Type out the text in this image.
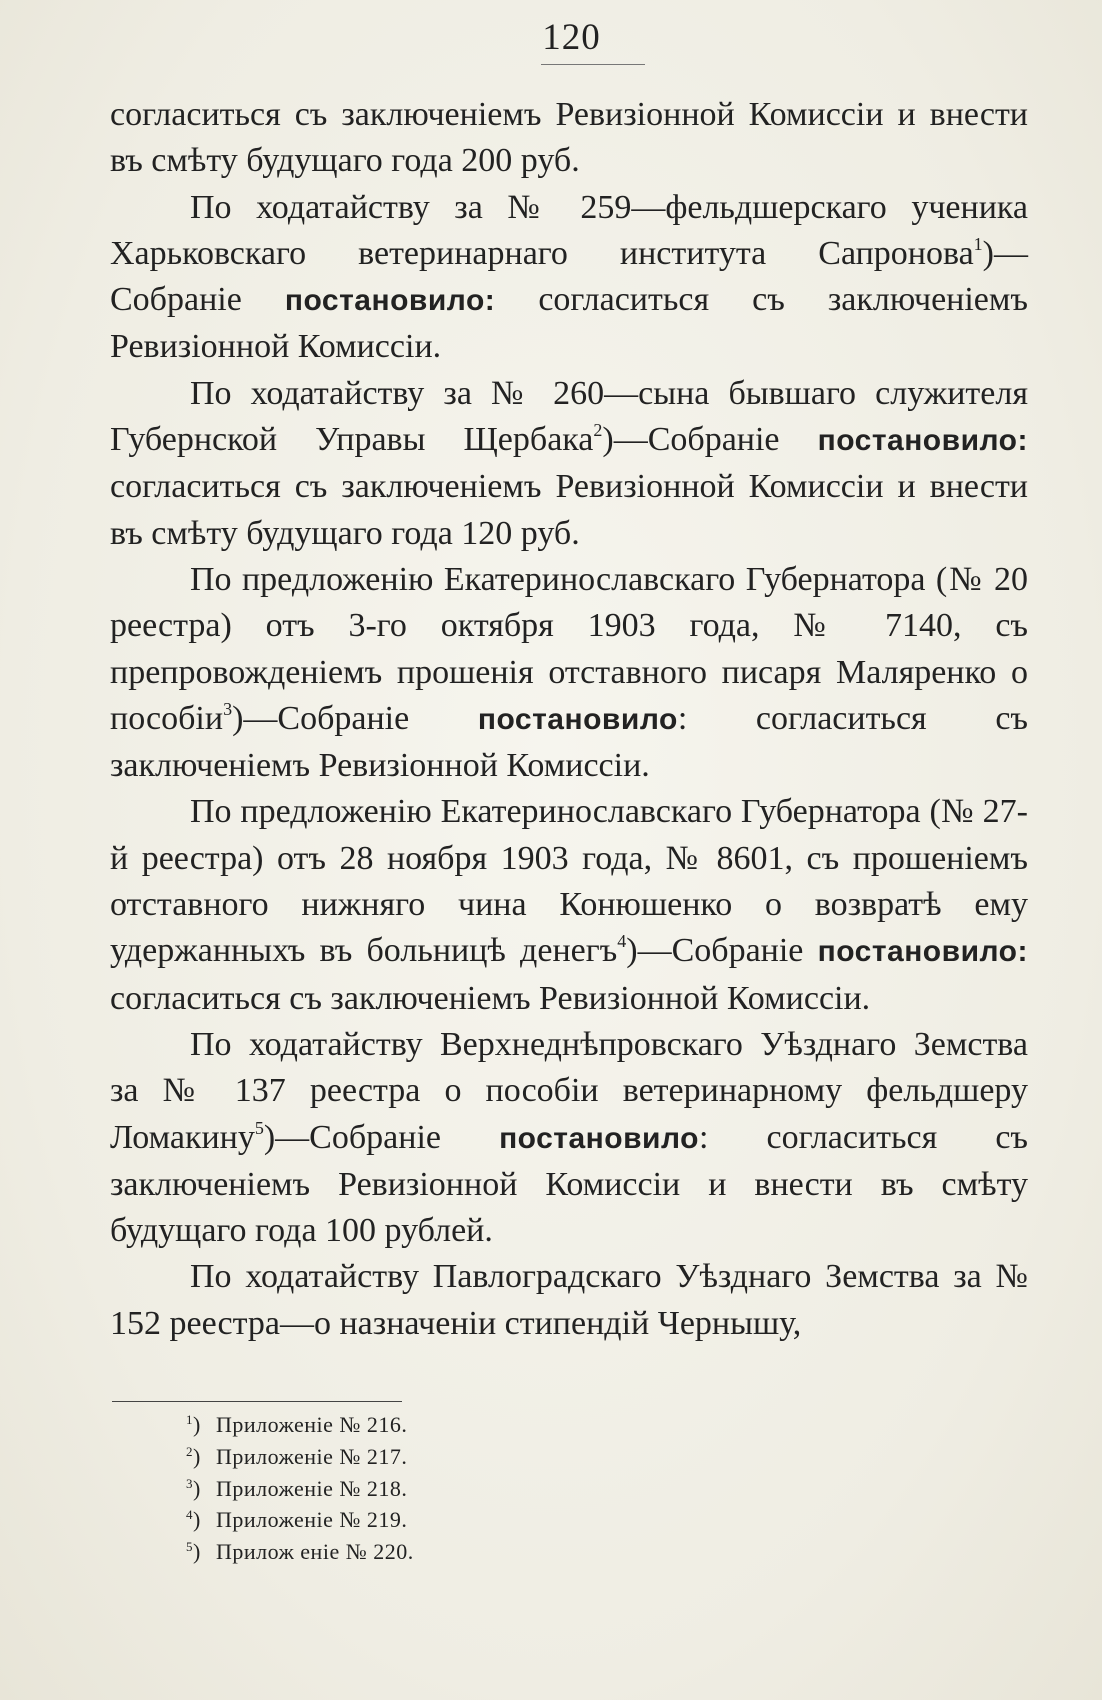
120

согласиться съ заключеніемъ Ревизіонной Комиссіи и внести въ смѣту будущаго года 200 руб.

По ходатайству за № 259—фельдшерскаго ученика Харьковскаго ветеринарнаго института Сапронова$^1$)—Собраніе постановило: согласиться съ заключеніемъ Ревизіонной Комиссіи.

По ходатайству за № 260—сына бывшаго служителя Губернской Управы Щербака$^2$)—Собраніе постановило: согласиться съ заключеніемъ Ревизіонной Комиссіи и внести въ смѣту будущаго года 120 руб.

По предложенію Екатеринославскаго Губернатора (№ 20 реестра) отъ 3-го октября 1903 года, № 7140, съ препровожденіемъ прошенія отставного писаря Маляренко о пособіи$^3$)—Собраніе постановило: согласиться съ заключеніемъ Ревизіонной Комиссіи.

По предложенію Екатеринославскаго Губернатора (№ 27-й реестра) отъ 28 ноября 1903 года, № 8601, съ прошеніемъ отставного нижняго чина Конюшенко о возвратѣ ему удержанныхъ въ больницѣ денегъ$^4$)—Собраніе постановило: согласиться съ заключеніемъ Ревизіонной Комиссіи.

По ходатайству Верхнеднѣпровскаго Уѣзднаго Земства за № 137 реестра о пособіи ветеринарному фельдшеру Ломакину$^5$)—Собраніе постановило: согласиться съ заключеніемъ Ревизіонной Комиссіи и внести въ смѣту будущаго года 100 рублей.

По ходатайству Павлоградскаго Уѣзднаго Земства за № 152 реестра—о назначеніи стипендій Чернышу,

$^1$) Приложеніе № 216.
$^2$) Приложеніе № 217.
$^3$) Приложеніе № 218.
$^4$) Приложеніе № 219.
$^5$) Прилож еніе № 220.
